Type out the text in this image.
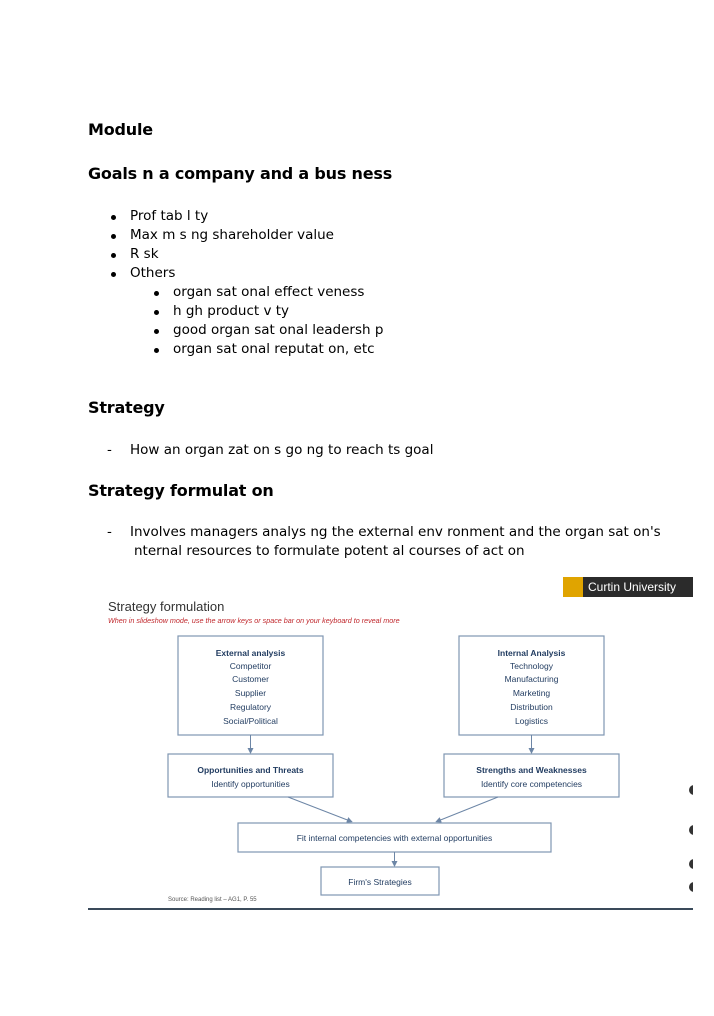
Module
Goals n a company and a bus ness
Prof tab l ty
Max m s ng shareholder value
R sk
Others
organ sat onal effect veness
h gh product v ty
good organ sat onal leadersh p
organ sat onal reputat on, etc
Strategy
- How an organ zat on s go ng to reach ts goal
Strategy formulat on
- Involves managers analys ng the external env ronment and the organ sat on's
nternal resources to formulate potent al courses of act on
Curtin University
Strategy formulation
When in slideshow mode, use the arrow keys or space bar on your keyboard to reveal more
External analysis
Competitor
Customer
Supplier
Regulatory
Social/Political
Internal Analysis
Technology
Manufacturing
Marketing
Distribution
Logistics
Opportunities and Threats
Identify opportunities
Strengths and Weaknesses
Identify core competencies
Fit internal competencies with external opportunities
Firm's Strategies
Source: Reading list – AG1, P. 55
